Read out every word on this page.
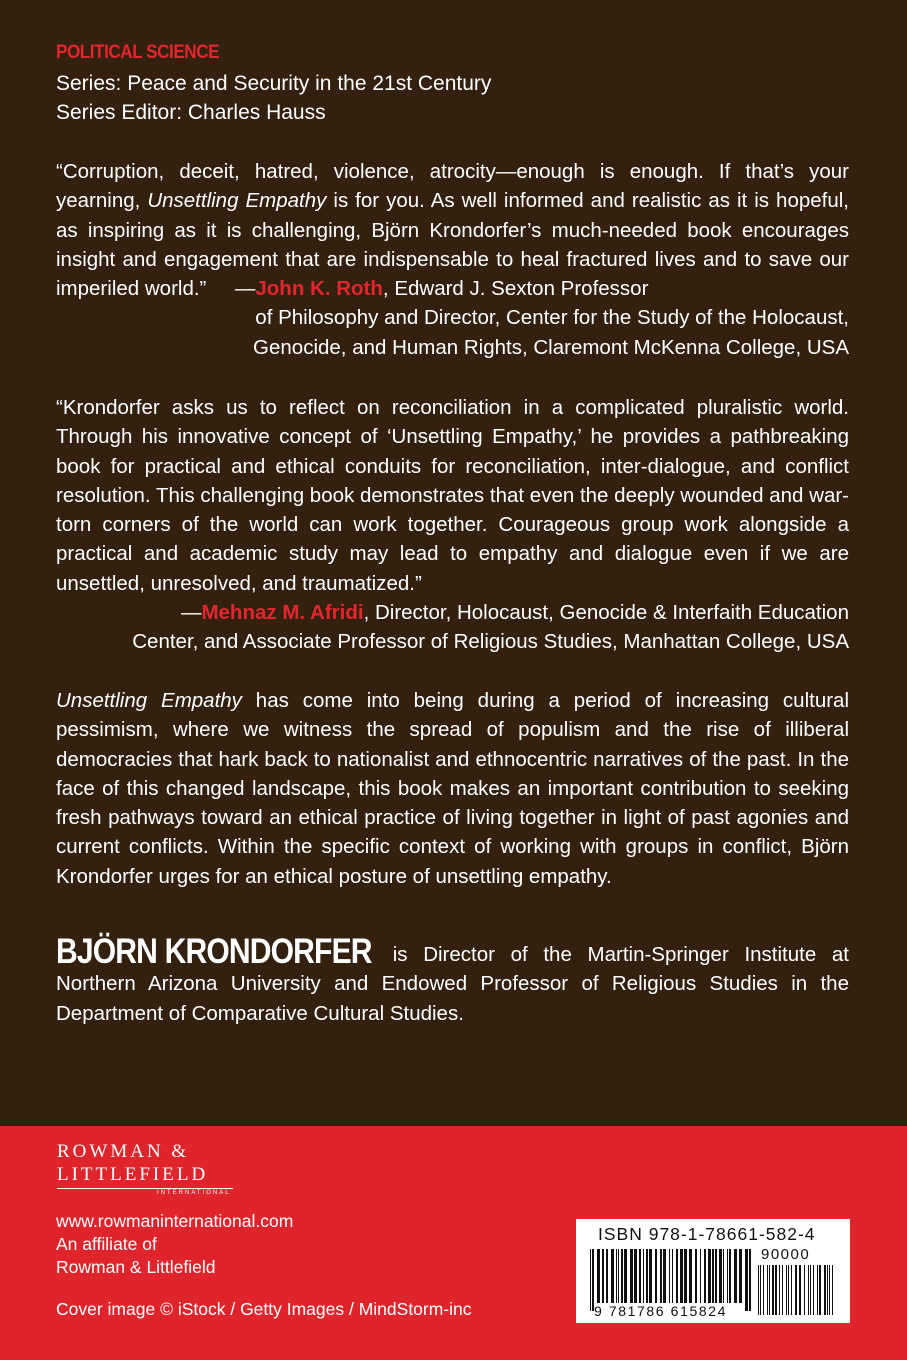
POLITICAL SCIENCE
Series: Peace and Security in the 21st Century
Series Editor: Charles Hauss
“Corruption, deceit, hatred, violence, atrocity—enough is enough. If that’s your yearning, Unsettling Empathy is for you. As well informed and realistic as it is hopeful, as inspiring as it is challenging, Björn Krondorfer’s much-needed book encourages insight and engagement that are indispensable to heal fractured lives and to save our imperiled world.” —John K. Roth, Edward J. Sexton Professor
of Philosophy and Director, Center for the Study of the Holocaust,
Genocide, and Human Rights, Claremont McKenna College, USA
“Krondorfer asks us to reflect on reconciliation in a complicated pluralistic world. Through his innovative concept of ‘Unsettling Empathy,’ he provides a pathbreaking book for practical and ethical conduits for reconciliation, inter-dialogue, and conflict resolution. This challenging book demonstrates that even the deeply wounded and war-torn corners of the world can work together. Courageous group work alongside a practical and academic study may lead to empathy and dialogue even if we are unsettled, unresolved, and traumatized.”
—Mehnaz M. Afridi, Director, Holocaust, Genocide & Interfaith Education
Center, and Associate Professor of Religious Studies, Manhattan College, USA
Unsettling Empathy has come into being during a period of increasing cultural pessimism, where we witness the spread of populism and the rise of illiberal democracies that hark back to nationalist and ethnocentric narratives of the past. In the face of this changed landscape, this book makes an important contribution to seeking fresh pathways toward an ethical practice of living together in light of past agonies and current conflicts. Within the specific context of working with groups in conflict, Björn Krondorfer urges for an ethical posture of unsettling empathy.
BJÖRN KRONDORFER is Director of the Martin-Springer Institute at Northern Arizona University and Endowed Professor of Religious Studies in the Department of Comparative Cultural Studies.
ROWMAN &
LITTLEFIELD
INTERNATIONAL
www.rowmaninternational.com
An affiliate of
Rowman & Littlefield
Cover image © iStock / Getty Images / MindStorm-inc
ISBN 978-1-78661-582-4
90000
9 781786 615824
